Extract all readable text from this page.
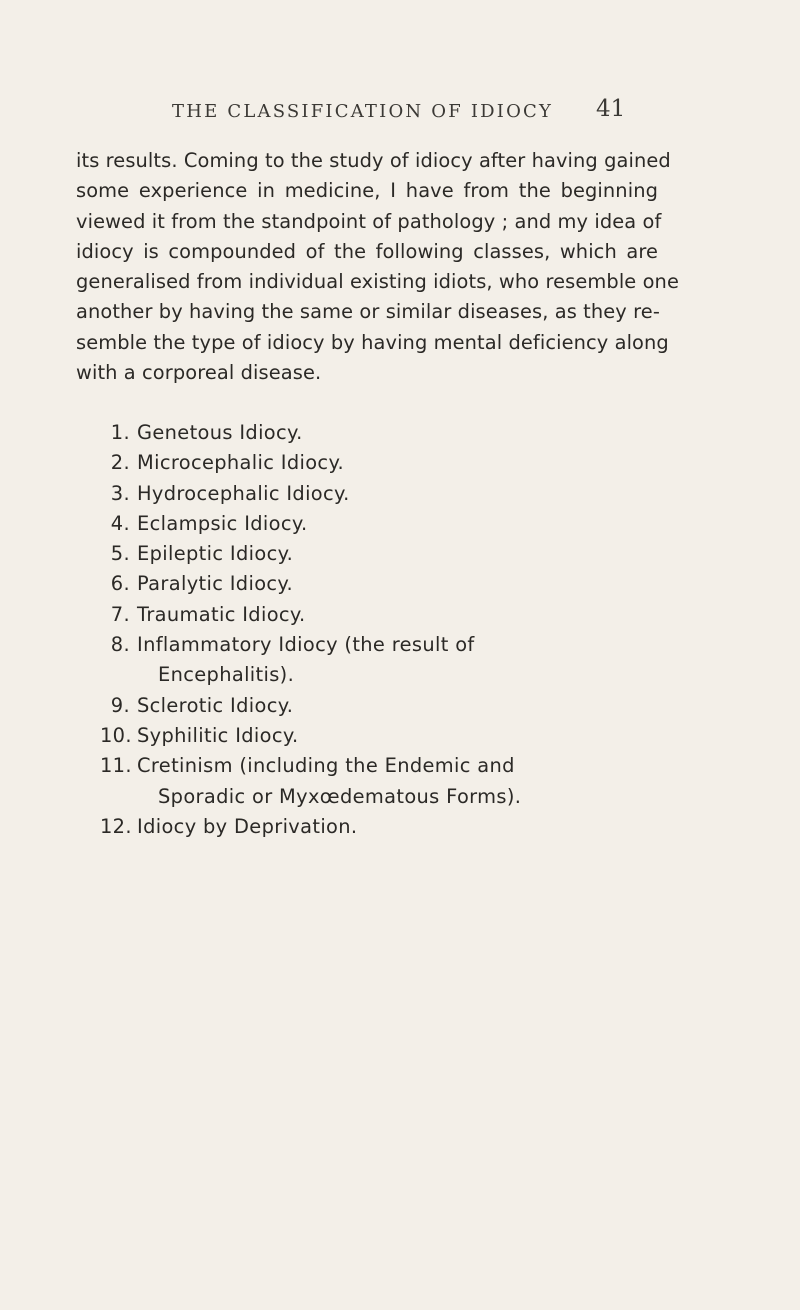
THE CLASSIFICATION OF IDIOCY	41
its results. Coming to the study of idiocy after having gained
some experience in medicine, I have from the beginning
viewed it from the standpoint of pathology ; and my idea of
idiocy is compounded of the following classes, which are
generalised from individual existing idiots, who resemble one
another by having the same or similar diseases, as they re-
semble the type of idiocy by having mental deficiency along
with a corporeal disease.
1. Genetous Idiocy.
2. Microcephalic Idiocy.
3. Hydrocephalic Idiocy.
4. Eclampsic Idiocy.
5. Epileptic Idiocy.
6. Paralytic Idiocy.
7. Traumatic Idiocy.
8. Inflammatory Idiocy (the result of
Encephalitis).
9. Sclerotic Idiocy.
10. Syphilitic Idiocy.
11. Cretinism (including the Endemic and
Sporadic or Myxœdematous Forms).
12. Idiocy by Deprivation.
